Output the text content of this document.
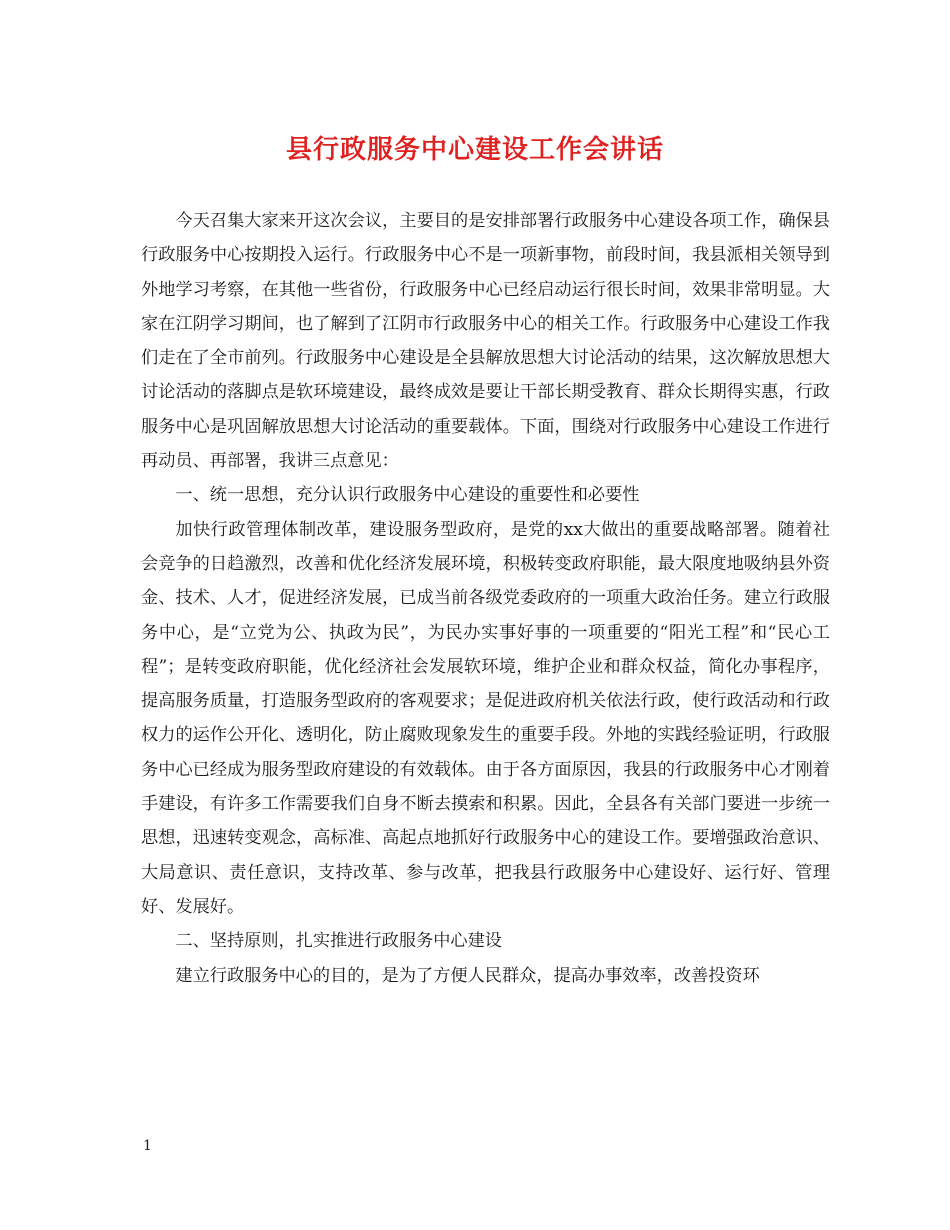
县行政服务中心建设工作会讲话

今天召集大家来开这次会议，主要目的是安排部署行政服务中心建设各项工作，确保县行政服务中心按期投入运行。行政服务中心不是一项新事物，前段时间，我县派相关领导到外地学习考察，在其他一些省份，行政服务中心已经启动运行很长时间，效果非常明显。大家在江阴学习期间，也了解到了江阴市行政服务中心的相关工作。行政服务中心建设工作我们走在了全市前列。行政服务中心建设是全县解放思想大讨论活动的结果，这次解放思想大讨论活动的落脚点是软环境建设，最终成效是要让干部长期受教育、群众长期得实惠，行政服务中心是巩固解放思想大讨论活动的重要载体。下面，围绕对行政服务中心建设工作进行再动员、再部署，我讲三点意见：

一、统一思想，充分认识行政服务中心建设的重要性和必要性

加快行政管理体制改革，建设服务型政府，是党的xx大做出的重要战略部署。随着社会竞争的日趋激烈，改善和优化经济发展环境，积极转变政府职能，最大限度地吸纳县外资金、技术、人才，促进经济发展，已成当前各级党委政府的一项重大政治任务。建立行政服务中心，是“立党为公、执政为民”，为民办实事好事的一项重要的“阳光工程”和“民心工程”；是转变政府职能，优化经济社会发展软环境，维护企业和群众权益，简化办事程序，提高服务质量，打造服务型政府的客观要求；是促进政府机关依法行政，使行政活动和行政权力的运作公开化、透明化，防止腐败现象发生的重要手段。外地的实践经验证明，行政服务中心已经成为服务型政府建设的有效载体。由于各方面原因，我县的行政服务中心才刚着手建设，有许多工作需要我们自身不断去摸索和积累。因此，全县各有关部门要进一步统一思想，迅速转变观念，高标准、高起点地抓好行政服务中心的建设工作。要增强政治意识、大局意识、责任意识，支持改革、参与改革，把我县行政服务中心建设好、运行好、管理好、发展好。

二、坚持原则，扎实推进行政服务中心建设

建立行政服务中心的目的，是为了方便人民群众，提高办事效率，改善投资环

1
